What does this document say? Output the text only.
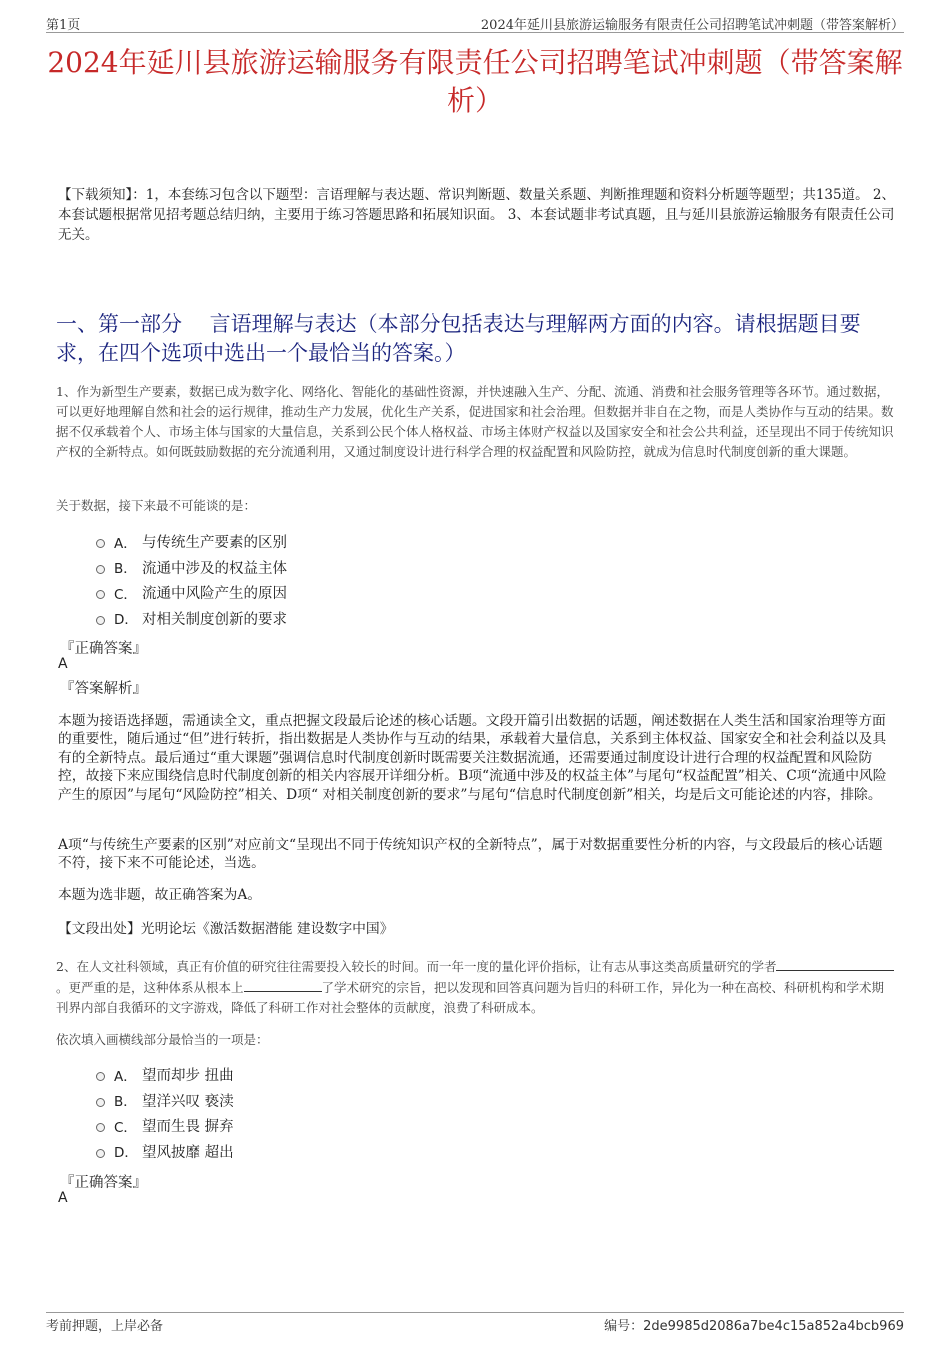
第1页	2024年延川县旅游运输服务有限责任公司招聘笔试冲刺题（带答案解析）
2024年延川县旅游运输服务有限责任公司招聘笔试冲刺题（带答案解析）
【下载须知】：1，本套练习包含以下题型：言语理解与表达题、常识判断题、数量关系题、判断推理题和资料分析题等题型；共135道。 2、本套试题根据常见招考题总结归纳，主要用于练习答题思路和拓展知识面。 3、本套试题非考试真题，且与延川县旅游运输服务有限责任公司无关。
一、第一部分　 言语理解与表达（本部分包括表达与理解两方面的内容。请根据题目要求，在四个选项中选出一个最恰当的答案。）
1、作为新型生产要素，数据已成为数字化、网络化、智能化的基础性资源，并快速融入生产、分配、流通、消费和社会服务管理等各环节。通过数据，可以更好地理解自然和社会的运行规律，推动生产力发展，优化生产关系，促进国家和社会治理。但数据并非自在之物，而是人类协作与互动的结果。数据不仅承载着个人、市场主体与国家的大量信息，关系到公民个体人格权益、市场主体财产权益以及国家安全和社会公共利益，还呈现出不同于传统知识产权的全新特点。如何既鼓励数据的充分流通利用，又通过制度设计进行科学合理的权益配置和风险防控，就成为信息时代制度创新的重大课题。
关于数据，接下来最不可能谈的是：
A． 与传统生产要素的区别
B． 流通中涉及的权益主体
C． 流通中风险产生的原因
D． 对相关制度创新的要求
『正确答案』
A
『答案解析』
本题为接语选择题，需通读全文，重点把握文段最后论述的核心话题。文段开篇引出数据的话题，阐述数据在人类生活和国家治理等方面的重要性，随后通过“但”进行转折，指出数据是人类协作与互动的结果，承载着大量信息，关系到主体权益、国家安全和社会利益以及具有的全新特点。最后通过“重大课题”强调信息时代制度创新时既需要关注数据流通，还需要通过制度设计进行合理的权益配置和风险防控，故接下来应围绕信息时代制度创新的相关内容展开详细分析。B项“流通中涉及的权益主体”与尾句“权益配置”相关、C项“流通中风险产生的原因”与尾句“风险防控”相关、D项“ 对相关制度创新的要求”与尾句“信息时代制度创新”相关，均是后文可能论述的内容，排除。
A项“与传统生产要素的区别”对应前文“呈现出不同于传统知识产权的全新特点”，属于对数据重要性分析的内容，与文段最后的核心话题不符，接下来不可能论述，当选。
本题为选非题，故正确答案为A。
【文段出处】光明论坛《激活数据潜能 建设数字中国》
2、在人文社科领域，真正有价值的研究往往需要投入较长的时间。而一年一度的量化评价指标，让有志从事这类高质量研究的学者。更严重的是，这种体系从根本上	了学术研究的宗旨，把以发现和回答真问题为旨归的科研工作，异化为一种在高校、科研机构和学术期刊界内部自我循环的文字游戏，降低了科研工作对社会整体的贡献度，浪费了科研成本。
依次填入画横线部分最恰当的一项是：
A． 望而却步 扭曲
B． 望洋兴叹 亵渎
C． 望而生畏 摒弃
D． 望风披靡 超出
『正确答案』
A
考前押题，上岸必备	编号：2de9985d2086a7be4c15a852a4bcb969
